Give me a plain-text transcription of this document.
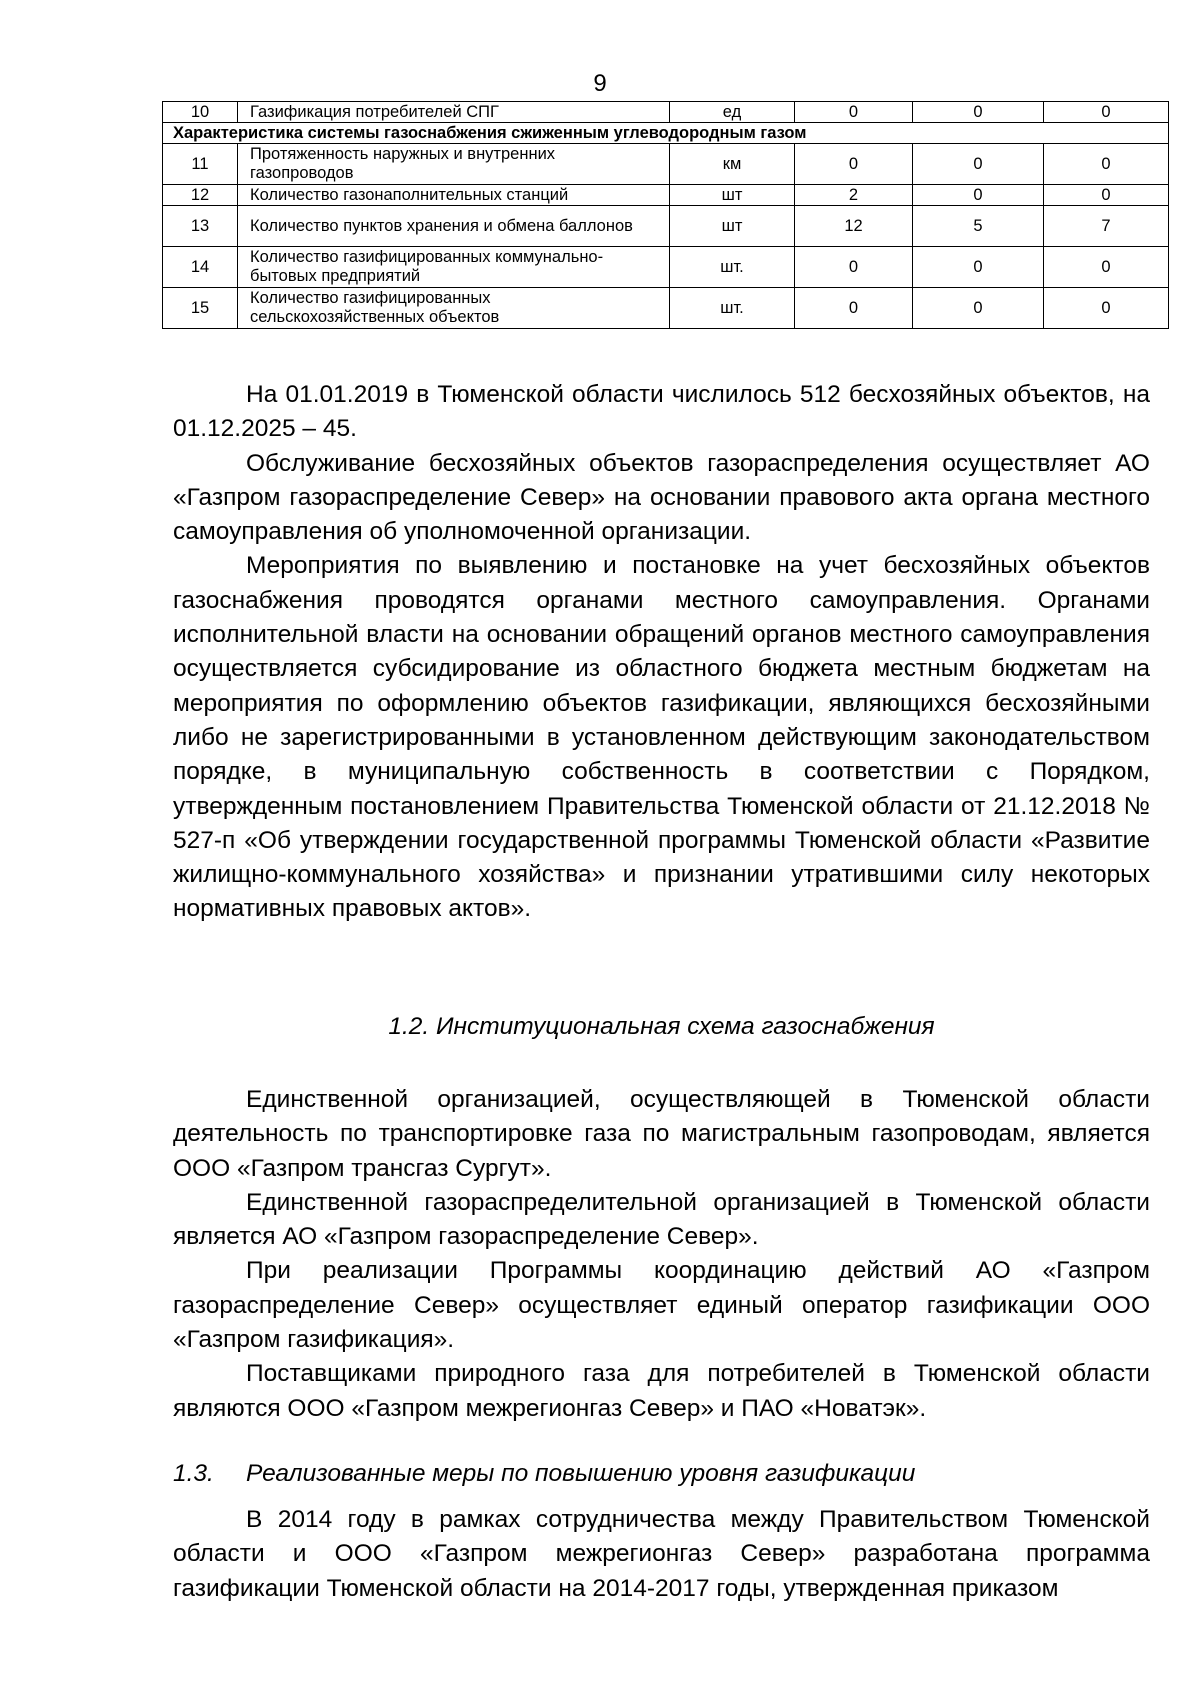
9
10	Газификация потребителей СПГ	ед	0	0	0
Характеристика системы газоснабжения сжиженным углеводородным газом					
11	Протяженность наружных и внутренних газопроводов	км	0	0	0
12	Количество газонаполнительных станций	шт	2	0	0
13	Количество пунктов хранения и обмена баллонов	шт	12	5	7
14	Количество газифицированных коммунально-бытовых предприятий	шт.	0	0	0
15	Количество газифицированных сельскохозяйственных объектов	шт.	0	0	0

На 01.01.2019 в Тюменской области числилось 512 бесхозяйных объектов, на 01.12.2025 – 45.

Обслуживание бесхозяйных объектов газораспределения осуществляет АО «Газпром газораспределение Север» на основании правового акта органа местного самоуправления об уполномоченной организации.

Мероприятия по выявлению и постановке на учет бесхозяйных объектов газоснабжения проводятся органами местного самоуправления. Органами исполнительной власти на основании обращений органов местного самоуправления осуществляется субсидирование из областного бюджета местным бюджетам на мероприятия по оформлению объектов газификации, являющихся бесхозяйными либо не зарегистрированными в установленном действующим законодательством порядке, в муниципальную собственность в соответствии с Порядком, утвержденным постановлением Правительства Тюменской области от 21.12.2018 № 527-п «Об утверждении государственной программы Тюменской области «Развитие жилищно-коммунального хозяйства» и признании утратившими силу некоторых нормативных правовых актов».

1.2. Институциональная схема газоснабжения

Единственной организацией, осуществляющей в Тюменской области деятельность по транспортировке газа по магистральным газопроводам, является ООО «Газпром трансгаз Сургут».

Единственной газораспределительной организацией в Тюменской области является АО «Газпром газораспределение Север».

При реализации Программы координацию действий АО «Газпром газораспределение Север» осуществляет единый оператор газификации ООО «Газпром газификация».

Поставщиками природного газа для потребителей в Тюменской области являются ООО «Газпром межрегионгаз Север» и ПАО «Новатэк».

1.3. Реализованные меры по повышению уровня газификации

В 2014 году в рамках сотрудничества между Правительством Тюменской области и ООО «Газпром межрегионгаз Север» разработана программа газификации Тюменской области на 2014-2017 годы, утвержденная приказом
